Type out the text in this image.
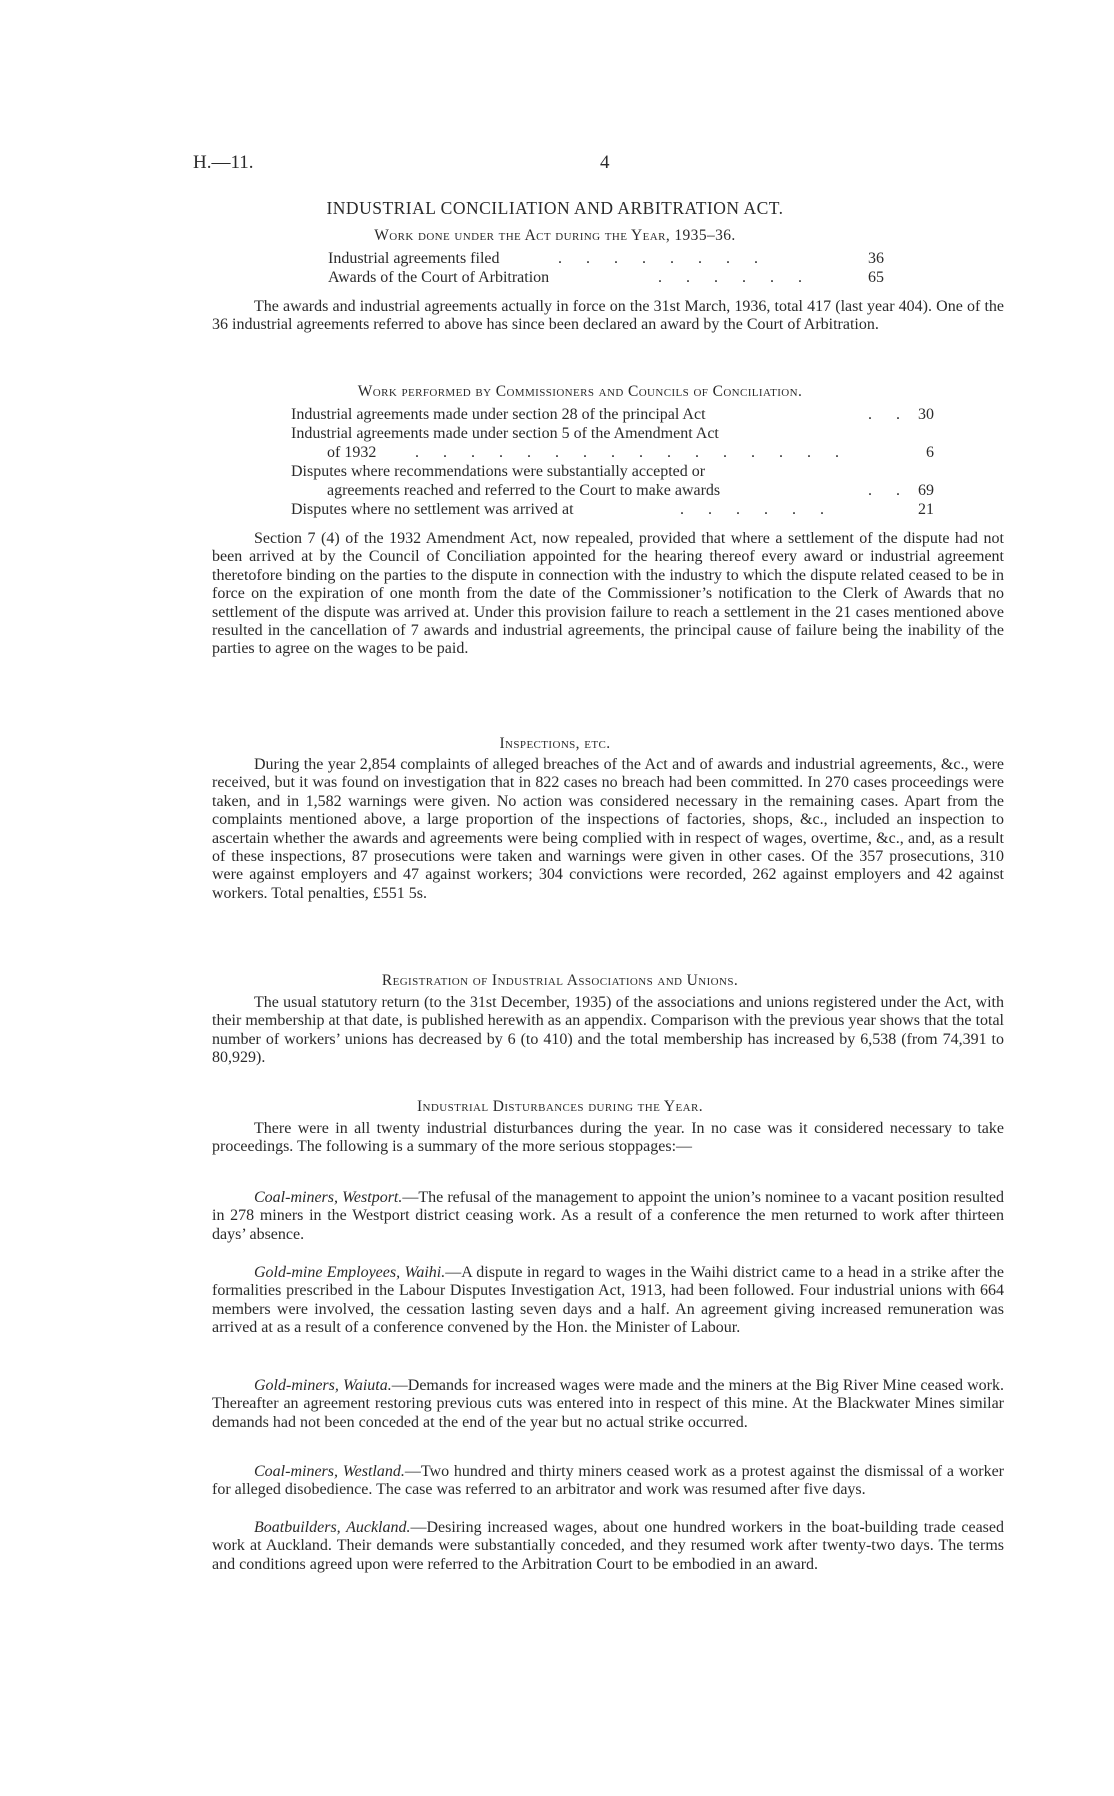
H.—11.	4
INDUSTRIAL CONCILIATION AND ARBITRATION ACT.
Work done under the Act during the Year, 1935–36.
Industrial agreements filed	. . . . . . . .	36
Awards of the Court of Arbitration	. . . . . .	65

The awards and industrial agreements actually in force on the 31st March, 1936, total 417 (last year 404). One of the 36 industrial agreements referred to above has since been declared an award by the Court of Arbitration.

Work performed by Commissioners and Councils of Conciliation.
Industrial agreements made under section 28 of the principal Act	. . 30
Industrial agreements made under section 5 of the Amendment Act
of 1932 . . . . . . . . . . . . . . . .	6
Disputes where recommendations were substantially accepted or
agreements reached and referred to the Court to make awards	. . 69
Disputes where no settlement was arrived at	. . . . . .	21

Section 7 (4) of the 1932 Amendment Act, now repealed, provided that where a settlement of the dispute had not been arrived at by the Council of Conciliation appointed for the hearing thereof every award or industrial agreement theretofore binding on the parties to the dispute in connection with the industry to which the dispute related ceased to be in force on the expiration of one month from the date of the Commissioner’s notification to the Clerk of Awards that no settlement of the dispute was arrived at. Under this provision failure to reach a settlement in the 21 cases mentioned above resulted in the cancellation of 7 awards and industrial agreements, the principal cause of failure being the inability of the parties to agree on the wages to be paid.

Inspections, etc.

During the year 2,854 complaints of alleged breaches of the Act and of awards and industrial agreements, &c., were received, but it was found on investigation that in 822 cases no breach had been committed. In 270 cases proceedings were taken, and in 1,582 warnings were given. No action was considered necessary in the remaining cases. Apart from the complaints mentioned above, a large proportion of the inspections of factories, shops, &c., included an inspection to ascertain whether the awards and agreements were being complied with in respect of wages, overtime, &c., and, as a result of these inspections, 87 prosecutions were taken and warnings were given in other cases. Of the 357 prosecutions, 310 were against employers and 47 against workers; 304 convictions were recorded, 262 against employers and 42 against workers. Total penalties, £551 5s.

Registration of Industrial Associations and Unions.

The usual statutory return (to the 31st December, 1935) of the associations and unions registered under the Act, with their membership at that date, is published herewith as an appendix. Comparison with the previous year shows that the total number of workers’ unions has decreased by 6 (to 410) and the total membership has increased by 6,538 (from 74,391 to 80,929).

Industrial Disturbances during the Year.

There were in all twenty industrial disturbances during the year. In no case was it considered necessary to take proceedings. The following is a summary of the more serious stoppages:—

Coal-miners, Westport.—The refusal of the management to appoint the union’s nominee to a vacant position resulted in 278 miners in the Westport district ceasing work. As a result of a conference the men returned to work after thirteen days’ absence.

Gold-mine Employees, Waihi.—A dispute in regard to wages in the Waihi district came to a head in a strike after the formalities prescribed in the Labour Disputes Investigation Act, 1913, had been followed. Four industrial unions with 664 members were involved, the cessation lasting seven days and a half. An agreement giving increased remuneration was arrived at as a result of a conference convened by the Hon. the Minister of Labour.

Gold-miners, Waiuta.—Demands for increased wages were made and the miners at the Big River Mine ceased work. Thereafter an agreement restoring previous cuts was entered into in respect of this mine. At the Blackwater Mines similar demands had not been conceded at the end of the year but no actual strike occurred.

Coal-miners, Westland.—Two hundred and thirty miners ceased work as a protest against the dismissal of a worker for alleged disobedience. The case was referred to an arbitrator and work was resumed after five days.

Boatbuilders, Auckland.—Desiring increased wages, about one hundred workers in the boat-building trade ceased work at Auckland. Their demands were substantially conceded, and they resumed work after twenty-two days. The terms and conditions agreed upon were referred to the Arbitration Court to be embodied in an award.
